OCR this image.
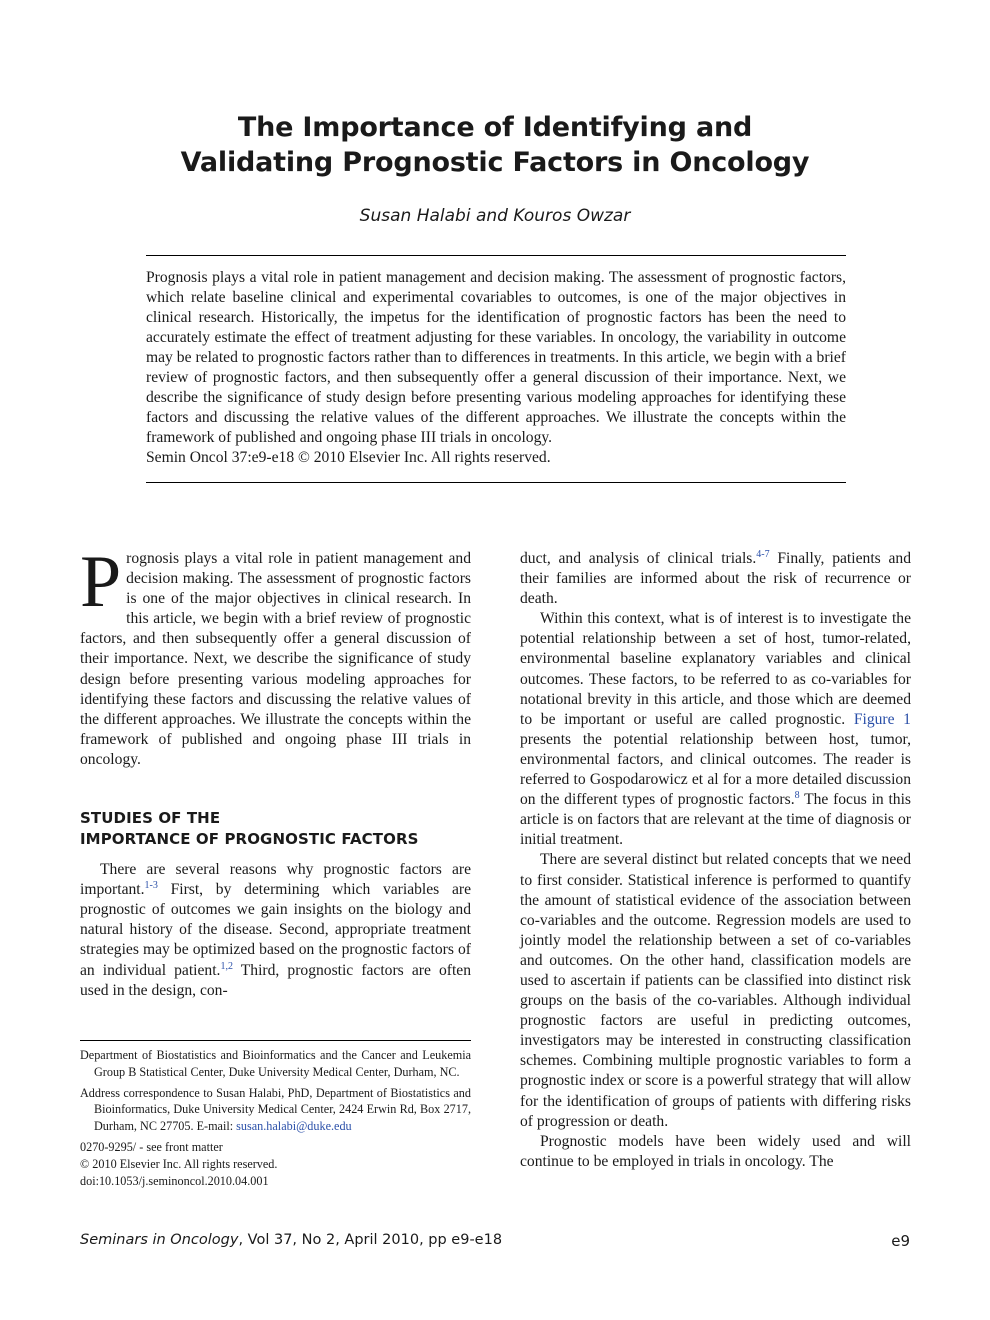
The Importance of Identifying and
Validating Prognostic Factors in Oncology
Susan Halabi and Kouros Owzar
Prognosis plays a vital role in patient management and decision making. The assessment of prognostic factors, which relate baseline clinical and experimental covariables to outcomes, is one of the major objectives in clinical research. Historically, the impetus for the identification of prognostic factors has been the need to accurately estimate the effect of treatment adjusting for these variables. In oncology, the variability in outcome may be related to prognostic factors rather than to differences in treatments. In this article, we begin with a brief review of prognostic factors, and then subsequently offer a general discussion of their importance. Next, we describe the significance of study design before presenting various modeling approaches for identifying these factors and discussing the relative values of the different approaches. We illustrate the concepts within the framework of published and ongoing phase III trials in oncology.
Semin Oncol 37:e9-e18 © 2010 Elsevier Inc. All rights reserved.

Prognosis plays a vital role in patient management and decision making. The assessment of prognostic factors is one of the major objectives in clinical research. In this article, we begin with a brief review of prognostic factors, and then subsequently offer a general discussion of their importance. Next, we describe the significance of study design before presenting various modeling approaches for identifying these factors and discussing the relative values of the different approaches. We illustrate the concepts within the framework of published and ongoing phase III trials in oncology.

STUDIES OF THE
IMPORTANCE OF PROGNOSTIC FACTORS

There are several reasons why prognostic factors are important.$^{1-3}$ First, by determining which variables are prognostic of outcomes we gain insights on the biology and natural history of the disease. Second, appropriate treatment strategies may be optimized based on the prognostic factors of an individual patient.$^{1,2}$ Third, prognostic factors are often used in the design, con-

duct, and analysis of clinical trials.$^{4-7}$ Finally, patients and their families are informed about the risk of recurrence or death.

Within this context, what is of interest is to investigate the potential relationship between a set of host, tumor-related, environmental baseline explanatory variables and clinical outcomes. These factors, to be referred to as co-variables for notational brevity in this article, and those which are deemed to be important or useful are called prognostic. Figure 1 presents the potential relationship between host, tumor, environmental factors, and clinical outcomes. The reader is referred to Gospodarowicz et al for a more detailed discussion on the different types of prognostic factors.$^8$ The focus in this article is on factors that are relevant at the time of diagnosis or initial treatment.

There are several distinct but related concepts that we need to first consider. Statistical inference is performed to quantify the amount of statistical evidence of the association between co-variables and the outcome. Regression models are used to jointly model the relationship between a set of co-variables and outcomes. On the other hand, classification models are used to ascertain if patients can be classified into distinct risk groups on the basis of the co-variables. Although individual prognostic factors are useful in predicting outcomes, investigators may be interested in constructing classification schemes. Combining multiple prognostic variables to form a prognostic index or score is a powerful strategy that will allow for the identification of groups of patients with differing risks of progression or death.

Prognostic models have been widely used and will continue to be employed in trials in oncology. The

Department of Biostatistics and Bioinformatics and the Cancer and Leukemia Group B Statistical Center, Duke University Medical Center, Durham, NC.

Address correspondence to Susan Halabi, PhD, Department of Biostatistics and Bioinformatics, Duke University Medical Center, 2424 Erwin Rd, Box 2717, Durham, NC 27705. E-mail: susan.halabi@duke.edu

0270-9295/ - see front matter

© 2010 Elsevier Inc. All rights reserved.

doi:10.1053/j.seminoncol.2010.04.001

Seminars in Oncology, Vol 37, No 2, April 2010, pp e9-e18	e9
